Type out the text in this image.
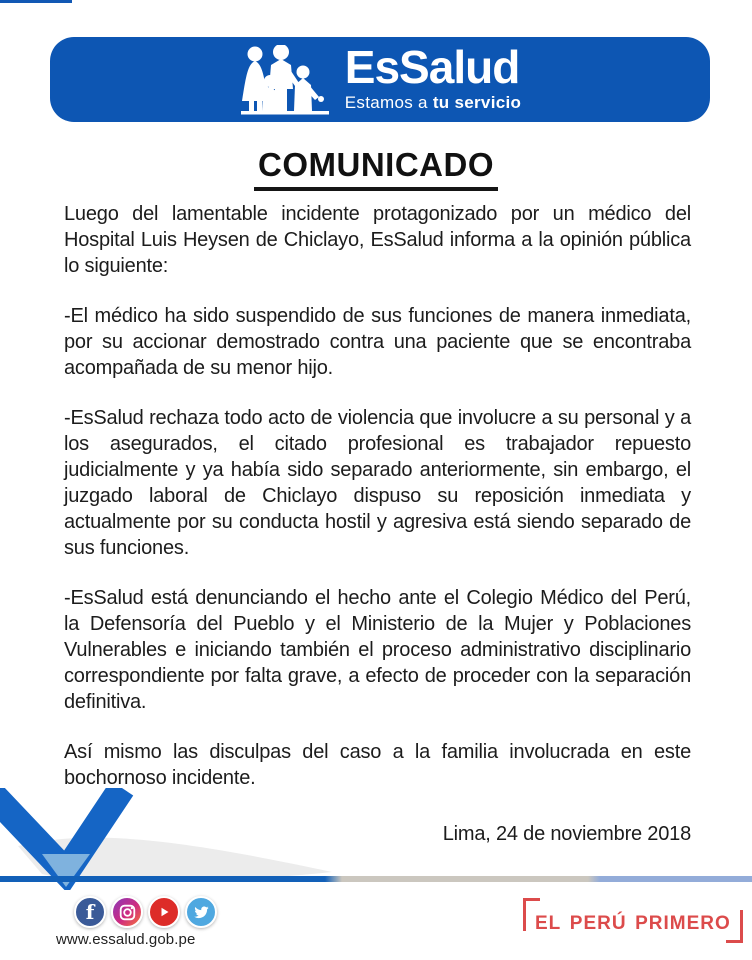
EsSalud
Estamos a tu servicio
COMUNICADO

Luego del lamentable incidente protagonizado por un médico del Hospital Luis Heysen de Chiclayo, EsSalud informa a la opinión pública lo siguiente:

-El médico ha sido suspendido de sus funciones de manera inmediata, por su accionar demostrado contra una paciente que se encontraba acompañada de su menor hijo.

-EsSalud rechaza todo acto de violencia que involucre a su personal y a los asegurados, el citado profesional es trabajador repuesto judicialmente y ya había sido separado anteriormente, sin embargo, el juzgado laboral de Chiclayo dispuso su reposición inmediata y actualmente por su conducta hostil y agresiva está siendo separado de sus funciones.

-EsSalud está denunciando el hecho ante el Colegio Médico del Perú, la Defensoría del Pueblo y el Ministerio de la Mujer y Poblaciones Vulnerables e iniciando también el proceso administrativo disciplinario correspondiente por falta grave, a efecto de proceder con la separación definitiva.

Así mismo las disculpas del caso a la familia involucrada en este bochornoso incidente.

Lima, 24 de noviembre 2018
f
www.essalud.gob.pe
el perú primero
